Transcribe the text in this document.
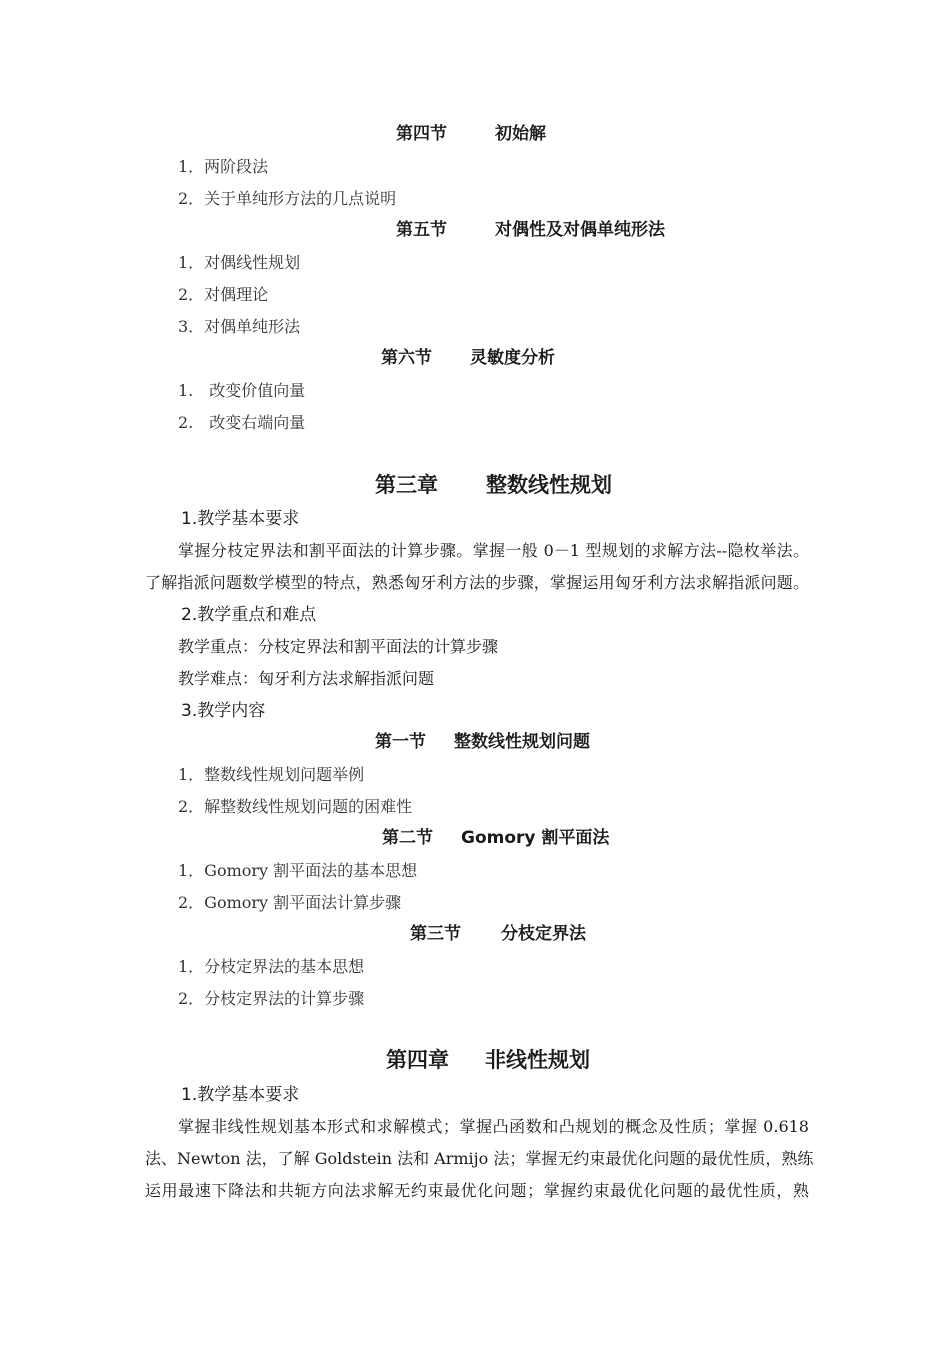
第四节	初始解
1．两阶段法
2．关于单纯形方法的几点说明
第五节	对偶性及对偶单纯形法
1．对偶线性规划
2．对偶理论
3．对偶单纯形法
第六节 灵敏度分析
1.　改变价值向量
2.　改变右端向量
第三章 整数线性规划
1.教学基本要求
掌握分枝定界法和割平面法的计算步骤。掌握一般 0－1 型规划的求解方法--隐枚举法。
了解指派问题数学模型的特点，熟悉匈牙利方法的步骤，掌握运用匈牙利方法求解指派问题。
2.教学重点和难点
教学重点：分枝定界法和割平面法的计算步骤
教学难点：匈牙利方法求解指派问题
3.教学内容
第一节 整数线性规划问题
1．整数线性规划问题举例
2．解整数线性规划问题的困难性
第二节 Gomory 割平面法
1．Gomory 割平面法的基本思想
2．Gomory 割平面法计算步骤
第三节 分枝定界法
1．分枝定界法的基本思想
2．分枝定界法的计算步骤
第四章 非线性规划
1.教学基本要求
掌握非线性规划基本形式和求解模式；掌握凸函数和凸规划的概念及性质；掌握 0.618
法、Newton 法，了解 Goldstein 法和 Armijo 法；掌握无约束最优化问题的最优性质，熟练
运用最速下降法和共轭方向法求解无约束最优化问题；掌握约束最优化问题的最优性质，熟
